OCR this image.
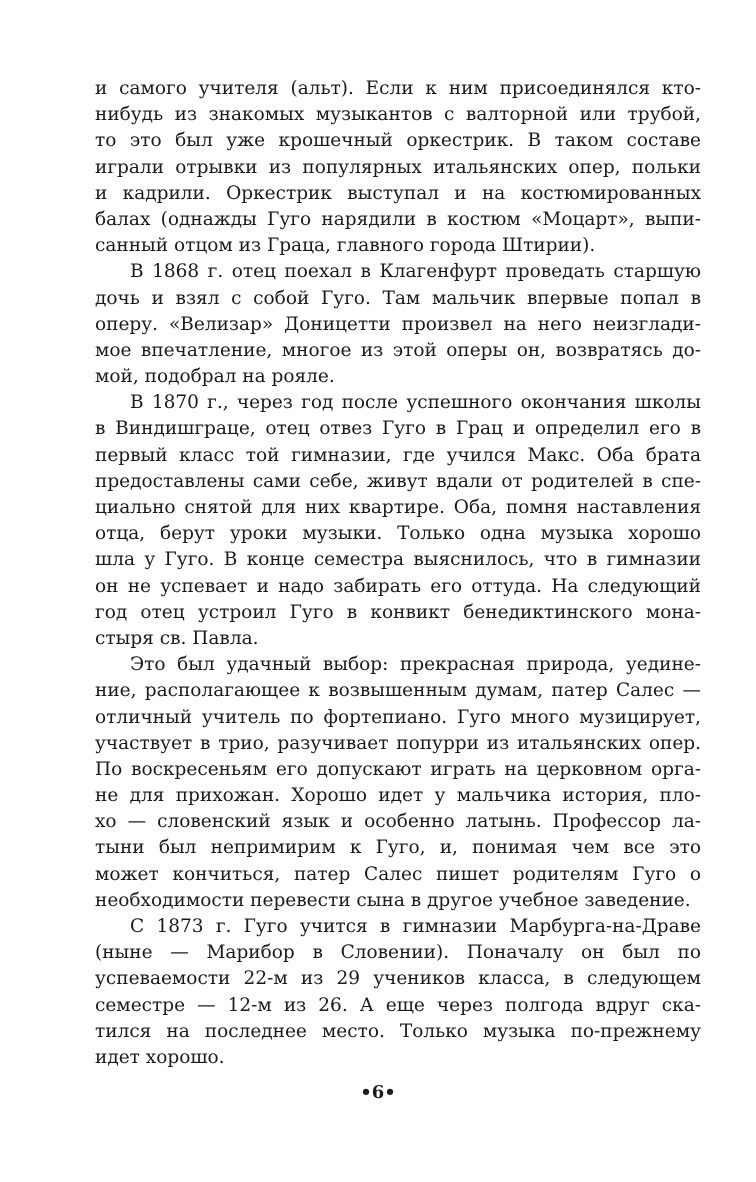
и самого учителя (альт). Если к ним присоединялся кто-
нибудь из знакомых музыкантов с валторной или трубой,
то это был уже крошечный оркестрик. В таком составе
играли отрывки из популярных итальянских опер, польки
и кадрили. Оркестрик выступал и на костюмированных
балах (однажды Гуго нарядили в костюм «Моцарт», выпи-
санный отцом из Граца, главного города Штирии).
В 1868 г. отец поехал в Клагенфурт проведать старшую
дочь и взял с собой Гуго. Там мальчик впервые попал в
оперу. «Велизар» Доницетти произвел на него неизглади-
мое впечатление, многое из этой оперы он, возвратясь до-
мой, подобрал на рояле.
В 1870 г., через год после успешного окончания школы
в Виндишграце, отец отвез Гуго в Грац и определил его в
первый класс той гимназии, где учился Макс. Оба брата
предоставлены сами себе, живут вдали от родителей в спе-
циально снятой для них квартире. Оба, помня наставления
отца, берут уроки музыки. Только одна музыка хорошо
шла у Гуго. В конце семестра выяснилось, что в гимназии
он не успевает и надо забирать его оттуда. На следующий
год отец устроил Гуго в конвикт бенедиктинского мона-
стыря св. Павла.
Это был удачный выбор: прекрасная природа, уедине-
ние, располагающее к возвышенным думам, патер Салес —
отличный учитель по фортепиано. Гуго много музицирует,
участвует в трио, разучивает попурри из итальянских опер.
По воскресеньям его допускают играть на церковном орга-
не для прихожан. Хорошо идет у мальчика история, пло-
хо — словенский язык и особенно латынь. Профессор ла-
тыни был непримирим к Гуго, и, понимая чем все это
может кончиться, патер Салес пишет родителям Гуго о
необходимости перевести сына в другое учебное заведение.
С 1873 г. Гуго учится в гимназии Марбурга-на-Драве
(ныне — Марибор в Словении). Поначалу он был по
успеваемости 22-м из 29 учеников класса, в следующем
семестре — 12-м из 26. А еще через полгода вдруг ска-
тился на последнее место. Только музыка по-прежнему
идет хорошо.
•6•
